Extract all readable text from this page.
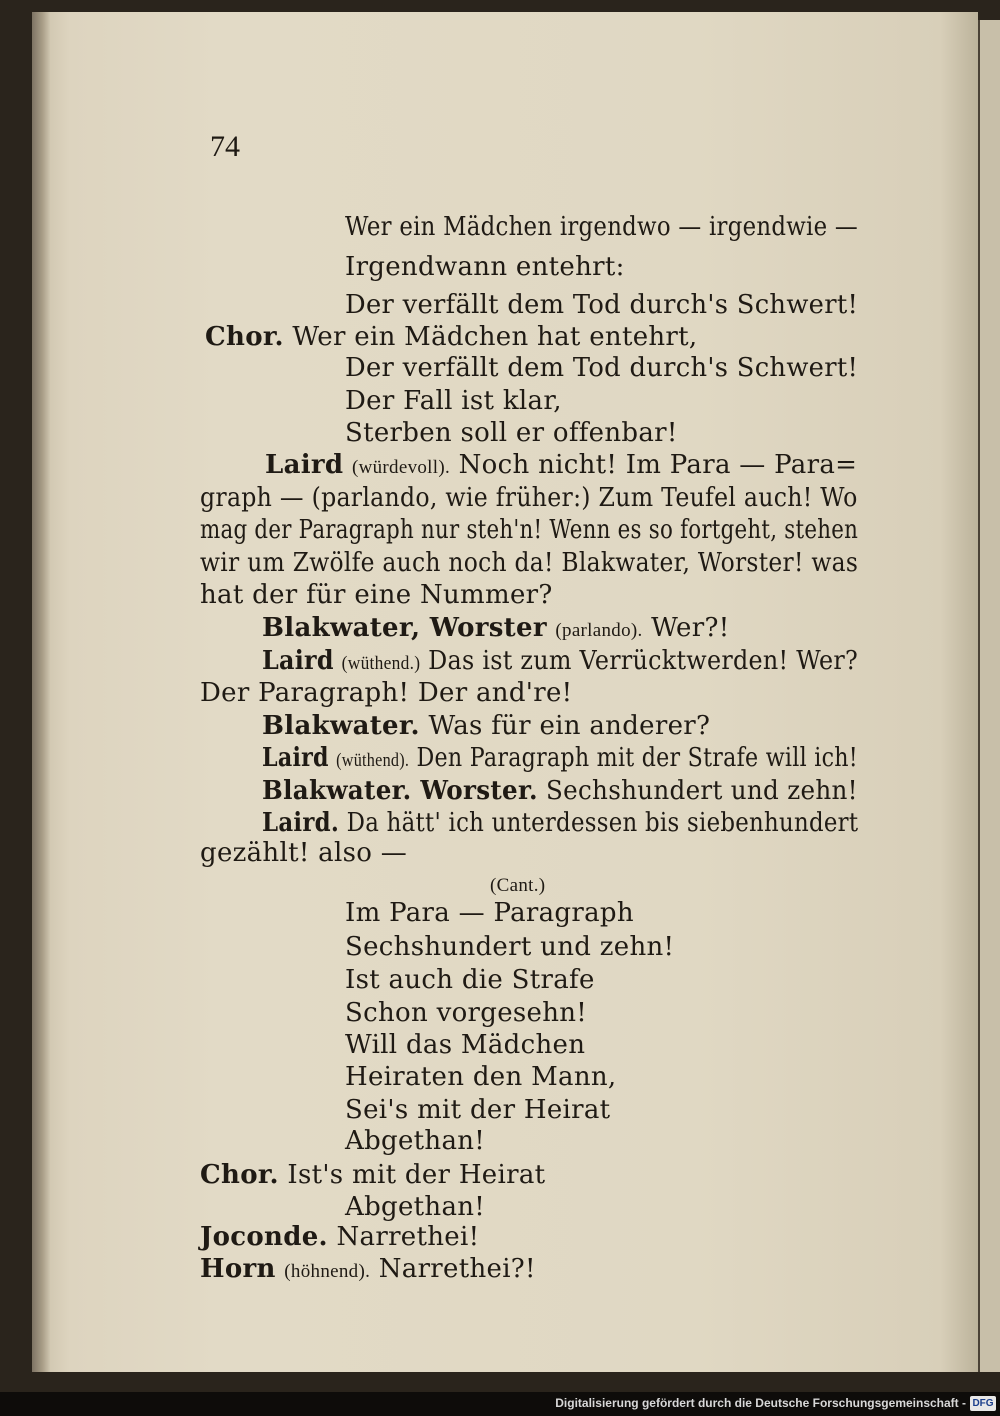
74
Wer ein Mädchen irgendwo — irgendwie —
Irgendwann entehrt:
Der verfällt dem Tod durch's Schwert!
Chor. Wer ein Mädchen hat entehrt,
Der verfällt dem Tod durch's Schwert!
Der Fall ist klar,
Sterben soll er offenbar!
Laird (würdevoll). Noch nicht! Im Para — Para=
graph — (parlando, wie früher:) Zum Teufel auch! Wo
mag der Paragraph nur steh'n! Wenn es so fortgeht, stehen
wir um Zwölfe auch noch da! Blakwater, Worster! was
hat der für eine Nummer?
Blakwater, Worster (parlando). Wer?!
Laird (wüthend.) Das ist zum Verrücktwerden! Wer?
Der Paragraph! Der and're!
Blakwater. Was für ein anderer?
Laird (wüthend). Den Paragraph mit der Strafe will ich!
Blakwater. Worster. Sechshundert und zehn!
Laird. Da hätt' ich unterdessen bis siebenhundert
gezählt! also —
(Cant.)
Im Para — Paragraph
Sechshundert und zehn!
Ist auch die Strafe
Schon vorgesehn!
Will das Mädchen
Heiraten den Mann,
Sei's mit der Heirat
Abgethan!
Chor. Ist's mit der Heirat
Abgethan!
Joconde. Narrethei!
Horn (höhnend). Narrethei?!
Digitalisierung gefördert durch die Deutsche Forschungsgemeinschaft - DFG
